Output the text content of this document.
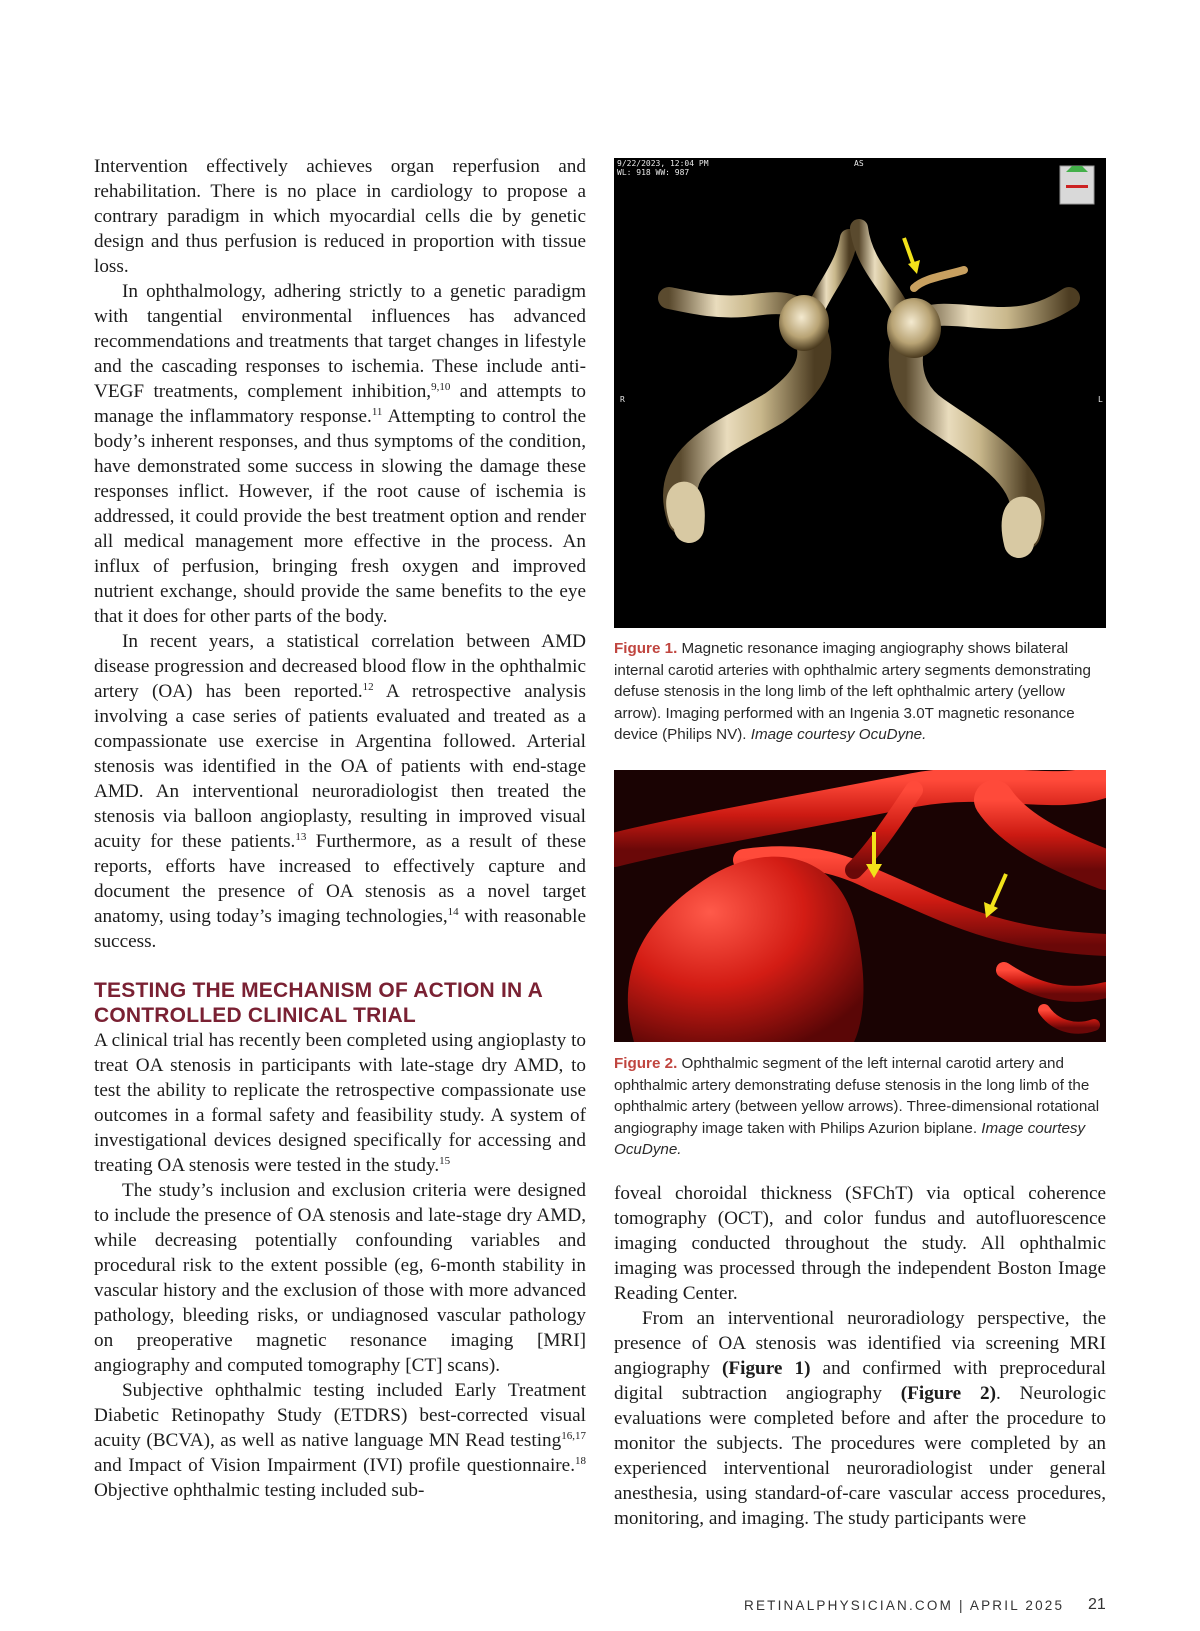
Intervention effectively achieves organ reperfusion and rehabilitation. There is no place in cardiology to propose a contrary paradigm in which myocardial cells die by genetic design and thus perfusion is reduced in proportion with tissue loss.

In ophthalmology, adhering strictly to a genetic paradigm with tangential environmental influences has advanced recommendations and treatments that target changes in lifestyle and the cascading responses to ischemia. These include anti-VEGF treatments, complement inhibition,$^{9,10}$ and attempts to manage the inflammatory response.$^{11}$ Attempting to control the body’s inherent responses, and thus symptoms of the condition, have demonstrated some success in slowing the damage these responses inflict. However, if the root cause of ischemia is addressed, it could provide the best treatment option and render all medical management more effective in the process. An influx of perfusion, bringing fresh oxygen and improved nutrient exchange, should provide the same benefits to the eye that it does for other parts of the body.

In recent years, a statistical correlation between AMD disease progression and decreased blood flow in the ophthalmic artery (OA) has been reported.$^{12}$ A retrospective analysis involving a case series of patients evaluated and treated as a compassionate use exercise in Argentina followed. Arterial stenosis was identified in the OA of patients with end-stage AMD. An interventional neuroradiologist then treated the stenosis via balloon angioplasty, resulting in improved visual acuity for these patients.$^{13}$ Furthermore, as a result of these reports, efforts have increased to effectively capture and document the presence of OA stenosis as a novel target anatomy, using today’s imaging technologies,$^{14}$ with reasonable success.

TESTING THE MECHANISM OF ACTION IN A CONTROLLED CLINICAL TRIAL

A clinical trial has recently been completed using angioplasty to treat OA stenosis in participants with late-stage dry AMD, to test the ability to replicate the retrospective compassionate use outcomes in a formal safety and feasibility study. A system of investigational devices designed specifically for accessing and treating OA stenosis were tested in the study.$^{15}$

The study’s inclusion and exclusion criteria were designed to include the presence of OA stenosis and late-stage dry AMD, while decreasing potentially confounding variables and procedural risk to the extent possible (eg, 6-month stability in vascular history and the exclusion of those with more advanced pathology, bleeding risks, or undiagnosed vascular pathology on preoperative magnetic resonance imaging [MRI] angiography and computed tomography [CT] scans).

Subjective ophthalmic testing included Early Treatment Diabetic Retinopathy Study (ETDRS) best-corrected visual acuity (BCVA), as well as native language MN Read testing$^{16,17}$ and Impact of Vision Impairment (IVI) profile questionnaire.$^{18}$ Objective ophthalmic testing included sub-

9/22/2023, 12:04 PM
WL: 918 WW: 987
AS
R	L

Figure 1. Magnetic resonance imaging angiography shows bilateral internal carotid arteries with ophthalmic artery segments demonstrating defuse stenosis in the long limb of the left ophthalmic artery (yellow arrow). Imaging performed with an Ingenia 3.0T magnetic resonance device (Philips NV). Image courtesy OcuDyne.

Figure 2. Ophthalmic segment of the left internal carotid artery and ophthalmic artery demonstrating defuse stenosis in the long limb of the ophthalmic artery (between yellow arrows). Three-dimensional rotational angiography image taken with Philips Azurion biplane. Image courtesy OcuDyne.

foveal choroidal thickness (SFChT) via optical coherence tomography (OCT), and color fundus and autofluorescence imaging conducted throughout the study. All ophthalmic imaging was processed through the independent Boston Image Reading Center.

From an interventional neuroradiology perspective, the presence of OA stenosis was identified via screening MRI angiography (Figure 1) and confirmed with preprocedural digital subtraction angiography (Figure 2). Neurologic evaluations were completed before and after the procedure to monitor the subjects. The procedures were completed by an experienced interventional neuroradiologist under general anesthesia, using standard-of-care vascular access procedures, monitoring, and imaging. The study participants were

RETINALPHYSICIAN.COM | APRIL 2025 21
